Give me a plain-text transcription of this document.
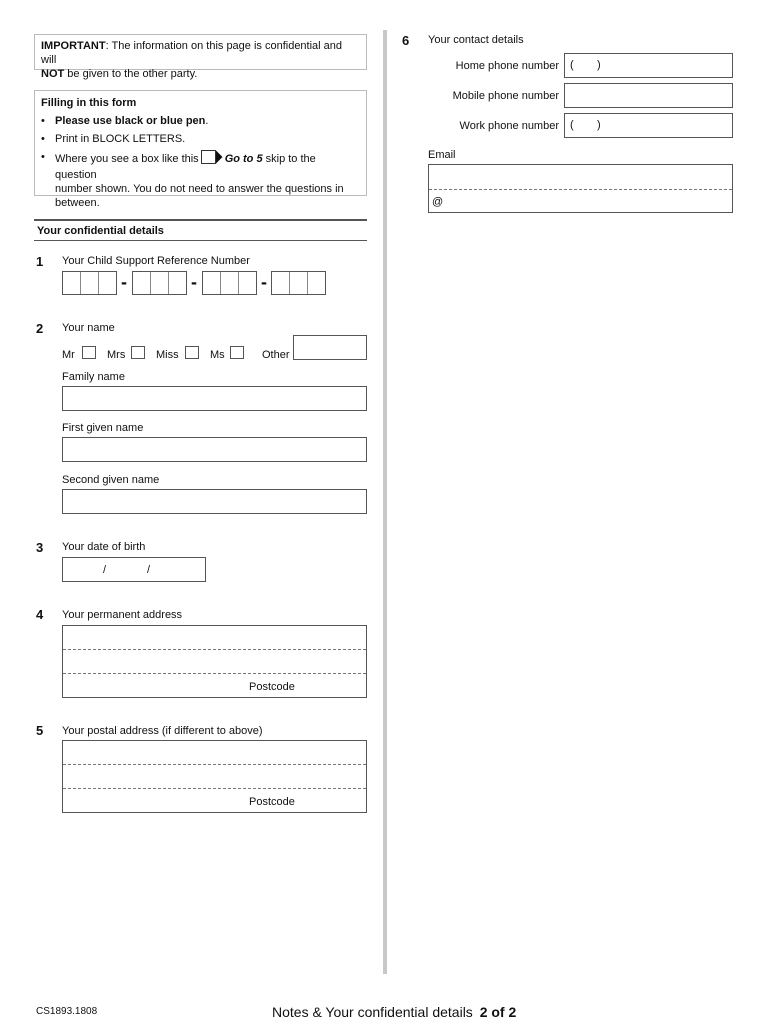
IMPORTANT: The information on this page is confidential and will
NOT be given to the other party.
Filling in this form
• Please use black or blue pen.
• Print in BLOCK LETTERS.
• Where you see a box like this Go to 5 skip to the question
number shown. You do not need to answer the questions in
between.
Your confidential details
1 Your Child Support Reference Number
-	-	-
2 Your name
Mr	Mrs	Miss	Ms	Other
Family name
First given name
Second given name
3 Your date of birth
/	/
4 Your permanent address
Postcode
5 Your postal address (if different to above)
Postcode
6 Your contact details
Home phone number ( )
Mobile phone number
Work phone number ( )
Email
@
CS1893.1808	Notes & Your confidential details 2 of 2
